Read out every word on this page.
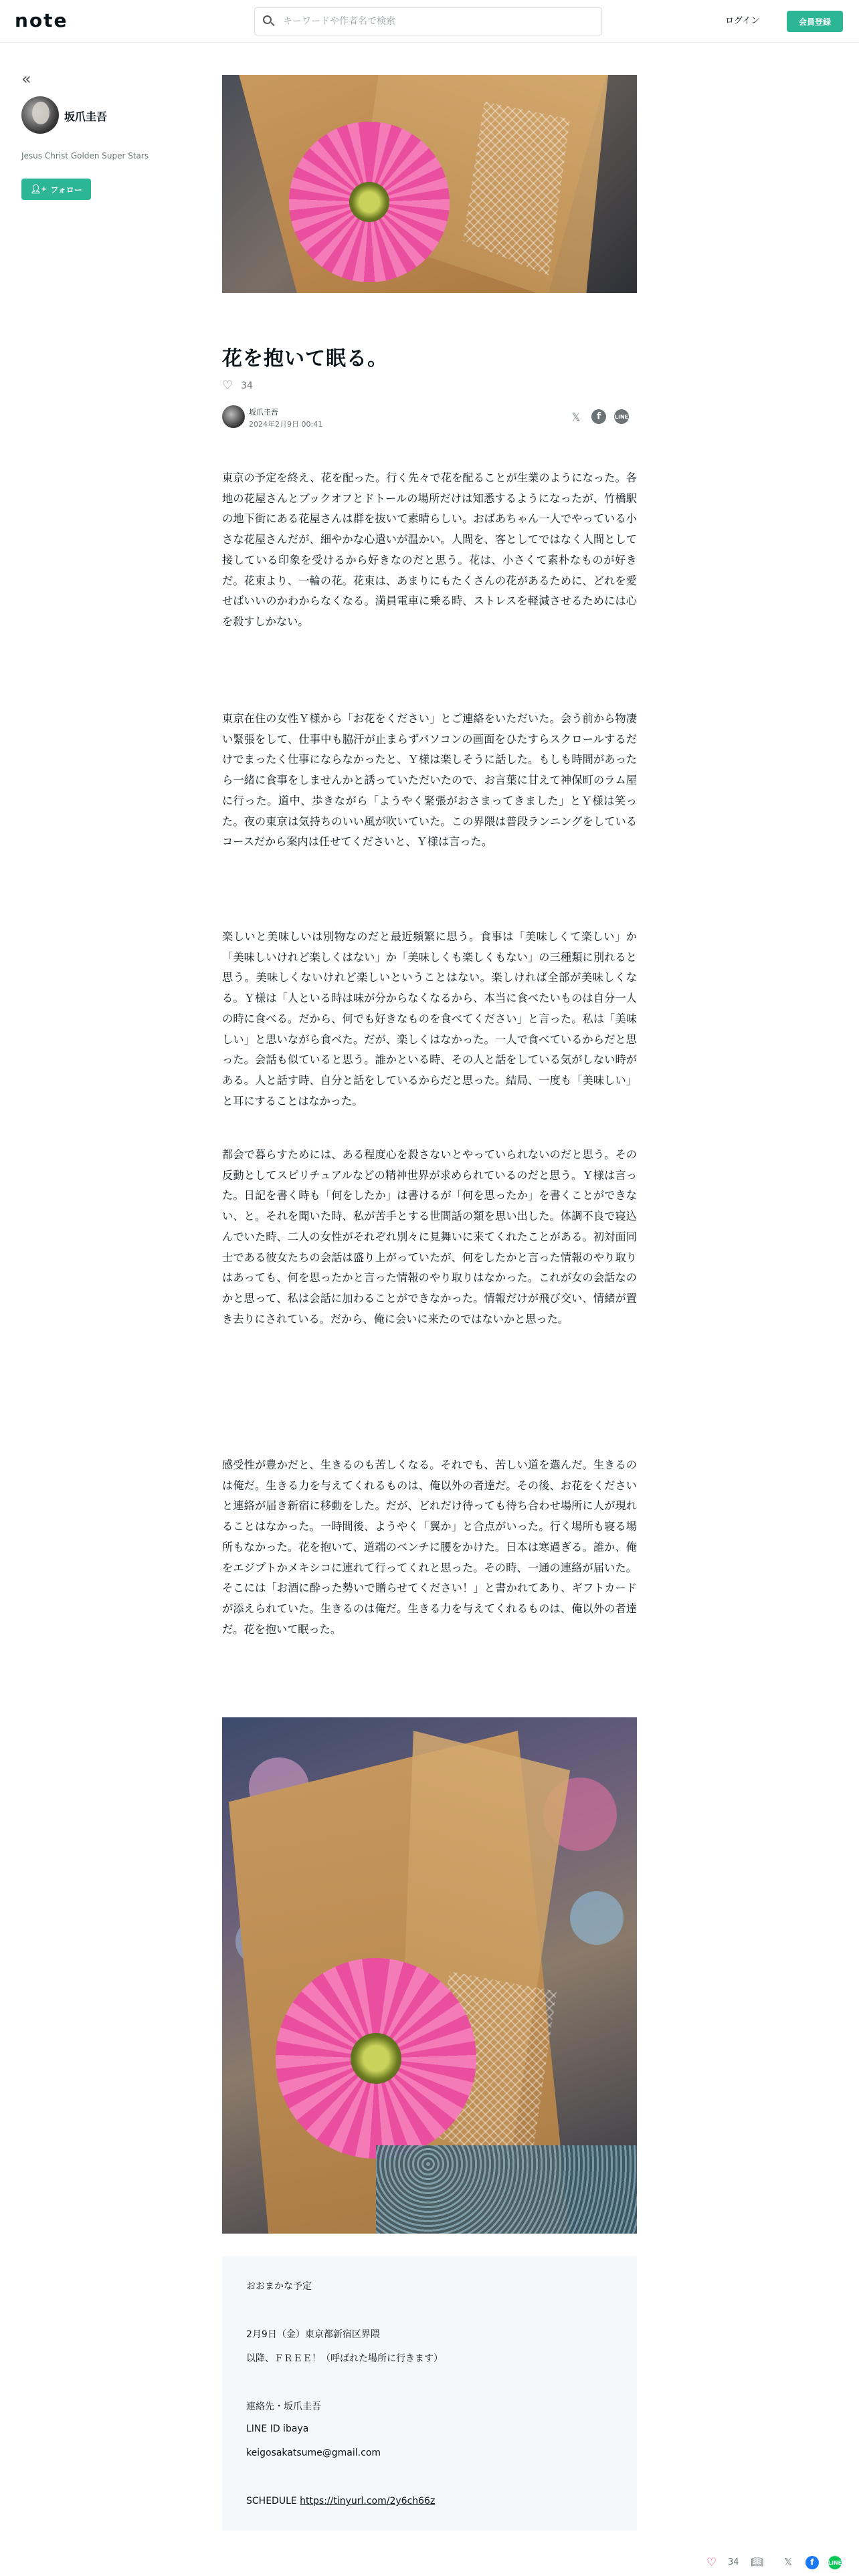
note
キーワードや作者名で検索	ログイン	会員登録
«
坂爪圭吾
Jesus Christ Golden Super Stars
👤︎+ フォロー
花を抱いて眠る。
♡ 34
坂爪圭吾
2024年2月9日 00:41
𝕏	f	LINE

東京の予定を終え、花を配った。行く先々で花を配ることが生業のようになった。各地の花屋さんとブックオフとドトールの場所だけは知悉するようになったが、竹橋駅の地下街にある花屋さんは群を抜いて素晴らしい。おばあちゃん一人でやっている小さな花屋さんだが、細やかな心遣いが温かい。人間を、客としてではなく人間として接している印象を受けるから好きなのだと思う。花は、小さくて素朴なものが好きだ。花束より、一輪の花。花束は、あまりにもたくさんの花があるために、どれを愛せばいいのかわからなくなる。満員電車に乗る時、ストレスを軽減させるためには心を殺すしかない。

東京在住の女性Ｙ様から「お花をください」とご連絡をいただいた。会う前から物凄い緊張をして、仕事中も脇汗が止まらずパソコンの画面をひたすらスクロールするだけでまったく仕事にならなかったと、Ｙ様は楽しそうに話した。もしも時間があったら一緒に食事をしませんかと誘っていただいたので、お言葉に甘えて神保町のラム屋に行った。道中、歩きながら「ようやく緊張がおさまってきました」とＹ様は笑った。夜の東京は気持ちのいい風が吹いていた。この界隈は普段ランニングをしているコースだから案内は任せてくださいと、Ｙ様は言った。

楽しいと美味しいは別物なのだと最近頻繁に思う。食事は「美味しくて楽しい」か「美味しいけれど楽しくはない」か「美味しくも楽しくもない」の三種類に別れると思う。美味しくないけれど楽しいということはない。楽しければ全部が美味しくなる。Ｙ様は「人といる時は味が分からなくなるから、本当に食べたいものは自分一人の時に食べる。だから、何でも好きなものを食べてください」と言った。私は「美味しい」と思いながら食べた。だが、楽しくはなかった。一人で食べているからだと思った。会話も似ていると思う。誰かといる時、その人と話をしている気がしない時がある。人と話す時、自分と話をしているからだと思った。結局、一度も「美味しい」と耳にすることはなかった。

都会で暮らすためには、ある程度心を殺さないとやっていられないのだと思う。その反動としてスピリチュアルなどの精神世界が求められているのだと思う。Ｙ様は言った。日記を書く時も「何をしたか」は書けるが「何を思ったか」を書くことができない、と。それを聞いた時、私が苦手とする世間話の類を思い出した。体調不良で寝込んでいた時、二人の女性がそれぞれ別々に見舞いに来てくれたことがある。初対面同士である彼女たちの会話は盛り上がっていたが、何をしたかと言った情報のやり取りはあっても、何を思ったかと言った情報のやり取りはなかった。これが女の会話なのかと思って、私は会話に加わることができなかった。情報だけが飛び交い、情緒が置き去りにされている。だから、俺に会いに来たのではないかと思った。

感受性が豊かだと、生きるのも苦しくなる。それでも、苦しい道を選んだ。生きるのは俺だ。生きる力を与えてくれるものは、俺以外の者達だ。その後、お花をくださいと連絡が届き新宿に移動をした。だが、どれだけ待っても待ち合わせ場所に人が現れることはなかった。一時間後、ようやく「翼か」と合点がいった。行く場所も寝る場所もなかった。花を抱いて、道端のベンチに腰をかけた。日本は寒過ぎる。誰か、俺をエジプトかメキシコに連れて行ってくれと思った。その時、一通の連絡が届いた。そこには「お酒に酔った勢いで贈らせてください！」と書かれてあり、ギフトカードが添えられていた。生きるのは俺だ。生きる力を与えてくれるものは、俺以外の者達だ。花を抱いて眠った。

おおまかな予定
2月9日（金）東京都新宿区界隈
以降、ＦＲＥＥ！（呼ばれた場所に行きます）
連絡先・坂爪圭吾
LINE ID ibaya
keigosakatsume@gmail.com
SCHEDULE https://tinyurl.com/2y6ch66z
♡ 34 📖︎ 𝕏	f	LINE
